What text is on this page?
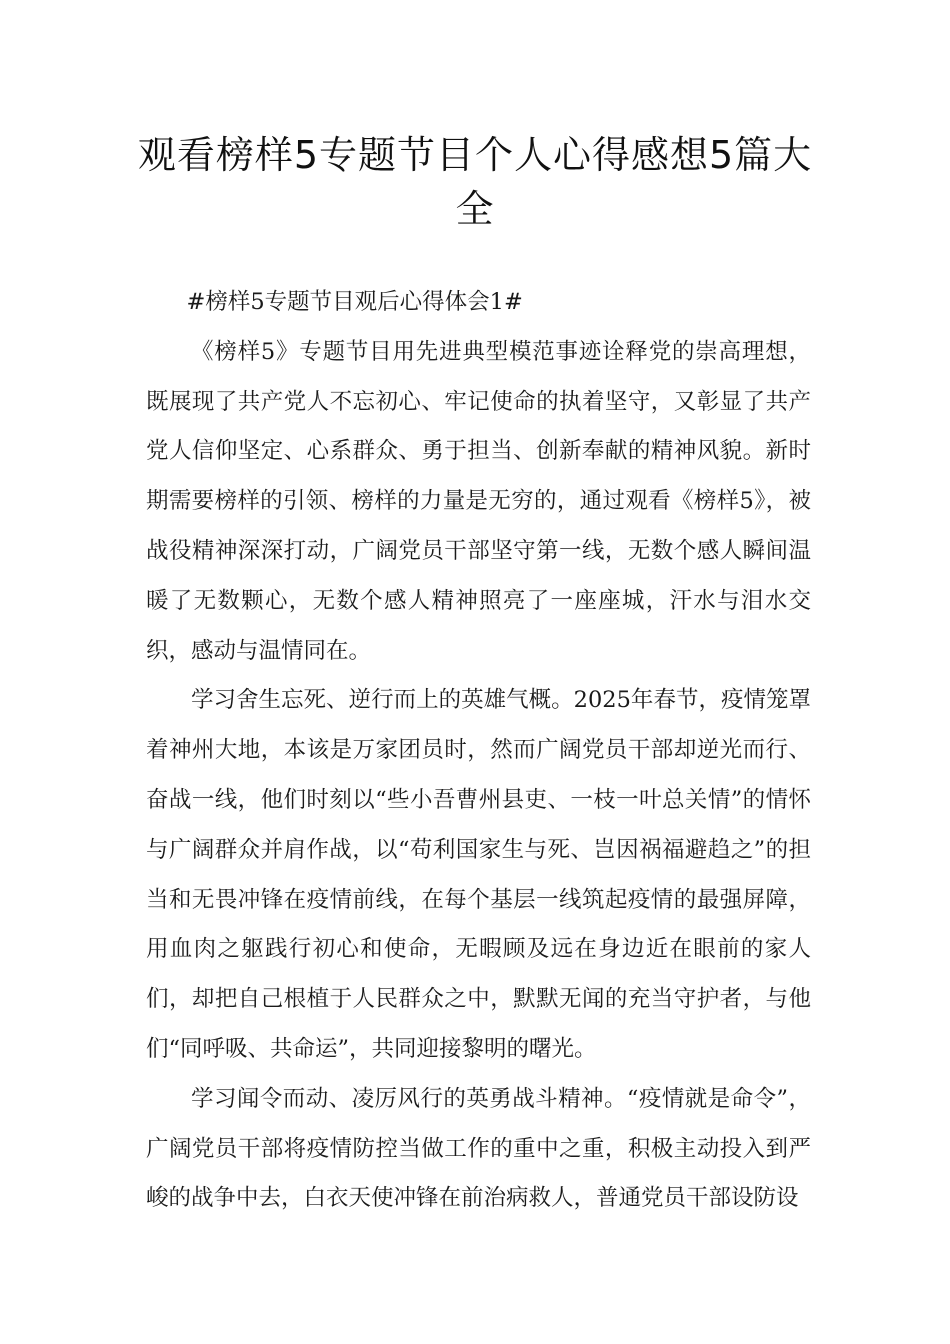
观看榜样5专题节目个人心得感想5篇大全

#榜样5专题节目观后心得体会1#

《榜样5》专题节目用先进典型模范事迹诠释党的崇高理想，既展现了共产党人不忘初心、牢记使命的执着坚守，又彰显了共产党人信仰坚定、心系群众、勇于担当、创新奉献的精神风貌。新时期需要榜样的引领、榜样的力量是无穷的，通过观看《榜样5》，被战役精神深深打动，广阔党员干部坚守第一线，无数个感人瞬间温暖了无数颗心，无数个感人精神照亮了一座座城，汗水与泪水交织，感动与温情同在。

学习舍生忘死、逆行而上的英雄气概。2025年春节，疫情笼罩着神州大地，本该是万家团员时，然而广阔党员干部却逆光而行、奋战一线，他们时刻以“些小吾曹州县吏、一枝一叶总关情”的情怀与广阔群众并肩作战，以“苟利国家生与死、岂因祸福避趋之”的担当和无畏冲锋在疫情前线，在每个基层一线筑起疫情的最强屏障，用血肉之躯践行初心和使命，无暇顾及远在身边近在眼前的家人们，却把自己根植于人民群众之中，默默无闻的充当守护者，与他们“同呼吸、共命运”，共同迎接黎明的曙光。

学习闻令而动、凌厉风行的英勇战斗精神。“疫情就是命令”，广阔党员干部将疫情防控当做工作的重中之重，积极主动投入到严峻的战争中去，白衣天使冲锋在前治病救人，普通党员干部设防设
